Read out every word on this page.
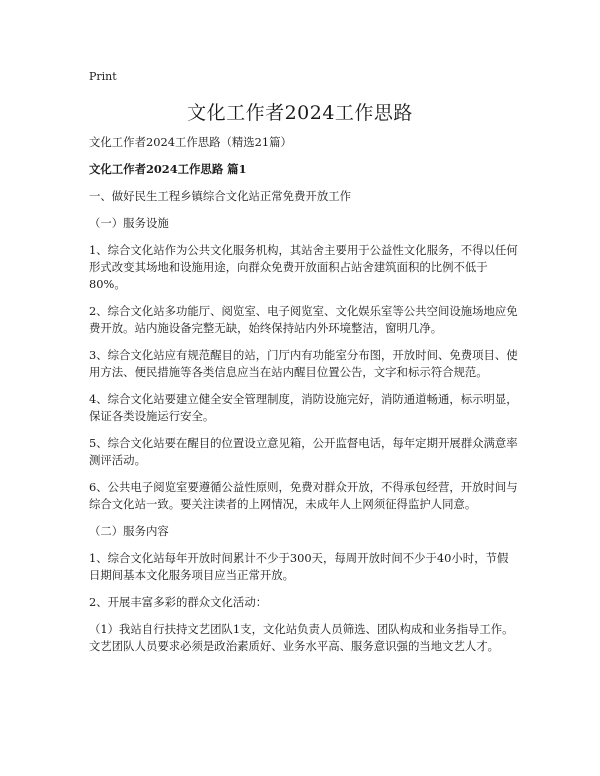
Print
文化工作者2024工作思路

文化工作者2024工作思路（精选21篇）

文化工作者2024工作思路 篇1

一、做好民生工程乡镇综合文化站正常免费开放工作

（一）服务设施

1、综合文化站作为公共文化服务机构，其站舍主要用于公益性文化服务，不得以任何形式改变其场地和设施用途，向群众免费开放面积占站舍建筑面积的比例不低于80%。

2、综合文化站多功能厅、阅览室、电子阅览室、文化娱乐室等公共空间设施场地应免费开放。站内施设备完整无缺，始终保持站内外环境整洁，窗明几净。

3、综合文化站应有规范醒目的站，门厅内有功能室分布图，开放时间、免费项目、使用方法、便民措施等各类信息应当在站内醒目位置公告，文字和标示符合规范。

4、综合文化站要建立健全安全管理制度，消防设施完好，消防通道畅通，标示明显，保证各类设施运行安全。

5、综合文化站要在醒目的位置设立意见箱，公开监督电话，每年定期开展群众满意率测评活动。

6、公共电子阅览室要遵循公益性原则，免费对群众开放，不得承包经营，开放时间与综合文化站一致。要关注读者的上网情况，未成年人上网须征得监护人同意。

（二）服务内容

1、综合文化站每年开放时间累计不少于300天，每周开放时间不少于40小时，节假日期间基本文化服务项目应当正常开放。

2、开展丰富多彩的群众文化活动：

（1）我站自行扶持文艺团队1支，文化站负责人员筛选、团队构成和业务指导工作。文艺团队人员要求必须是政治素质好、业务水平高、服务意识强的当地文艺人才。
